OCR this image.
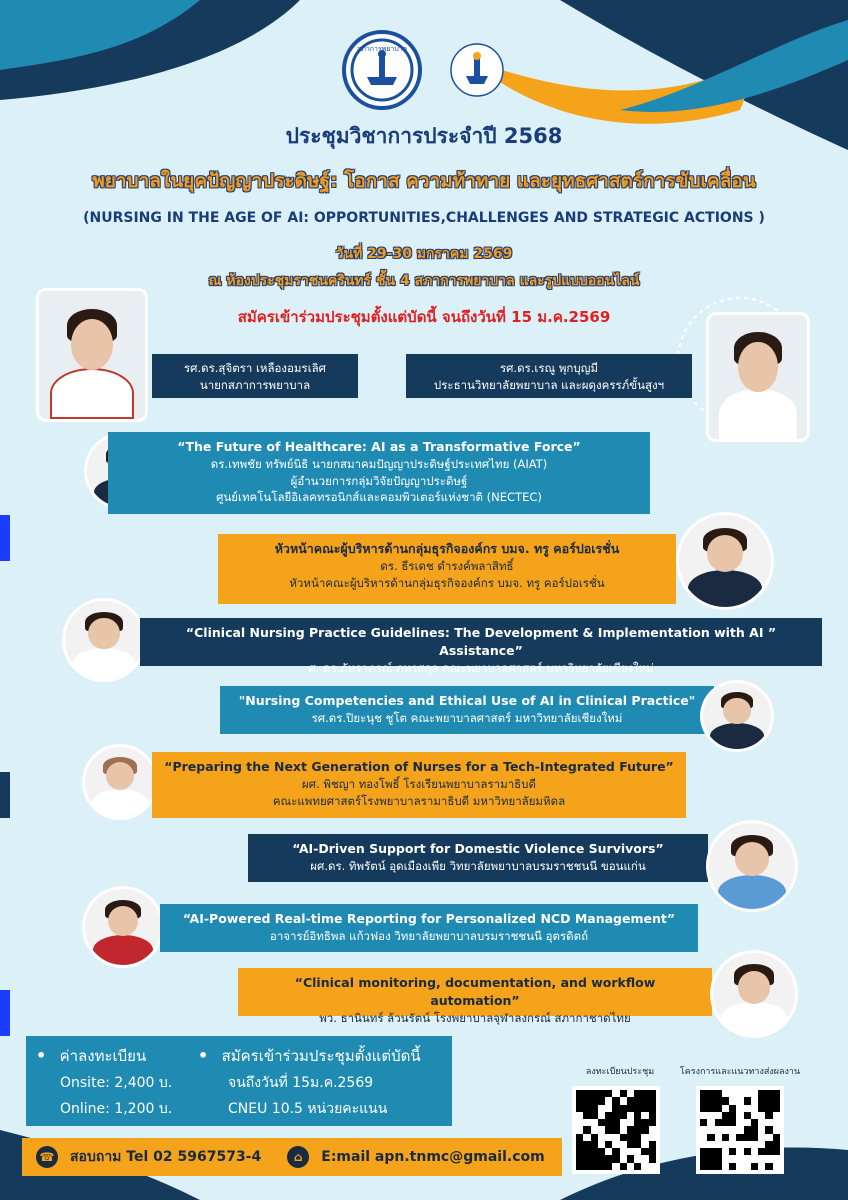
สภาการพยาบาล
ประชุมวิชาการประจำปี 2568
พยาบาลในยุคปัญญาประดิษฐ์: โอกาส ความท้าทาย และยุทธศาสตร์การขับเคลื่อน
(NURSING IN THE AGE OF AI: OPPORTUNITIES,CHALLENGES AND STRATEGIC ACTIONS )
วันที่ 29-30 มกราคม 2569
ณ ห้องประชุมราชนครินทร์ ชั้น 4 สภาการพยาบาล และรูปแบบออนไลน์
สมัครเข้าร่วมประชุมตั้งแต่บัดนี้ จนถึงวันที่ 15 ม.ค.2569
รศ.ดร.สุจิตรา เหลืองอมรเลิศ
นายกสภาการพยาบาล
รศ.ดร.เรณู พุกบุญมี
ประธานวิทยาลัยพยาบาล และผดุงครรภ์ขั้นสูงฯ
“The Future of Healthcare: AI as a Transformative Force”
ดร.เทพชัย ทรัพย์นิธิ นายกสมาคมปัญญาประดิษฐ์ประเทศไทย (AIAT)
ผู้อำนวยการกลุ่มวิจัยปัญญาประดิษฐ์
ศูนย์เทคโนโลยีอิเลคทรอนิกส์และคอมพิวเตอร์แห่งชาติ (NECTEC)
หัวหน้าคณะผู้บริหารด้านกลุ่มธุรกิจองค์กร บมจ. ทรู คอร์ปอเรชั่น
ดร. ธีรเดช ดำรงค์พลาสิทธิ์
หัวหน้าคณะผู้บริหารด้านกลุ่มธุรกิจองค์กร บมจ. ทรู คอร์ปอเรชั่น
“Clinical Nursing Practice Guidelines: The Development & Implementation with AI ” Assistance”
ศ. ดร.ภัทราภรณ์ ภทรสกุล คณะพยาบาลศาสตร์ มหาวิทยาลัยเชียงใหม่
"Nursing Competencies and Ethical Use of AI in Clinical Practice"
รศ.ดร.ปิยะนุช ชูโต คณะพยาบาลศาสตร์ มหาวิทยาลัยเชียงใหม่
“Preparing the Next Generation of Nurses for a Tech-Integrated Future”
ผศ. พิชญา ทองโพธิ์ โรงเรียนพยาบาลรามาธิบดี
คณะแพทยศาสตร์โรงพยาบาลรามาธิบดี มหาวิทยาลัยมหิดล
“AI-Driven Support for Domestic Violence Survivors”
ผศ.ดร. ทิพรัตน์ อุดเมืองเพีย วิทยาลัยพยาบาลบรมราชชนนี ขอนแก่น
“AI-Powered Real-time Reporting for Personalized NCD Management”
อาจารย์อิทธิพล แก้วฟอง วิทยาลัยพยาบาลบรมราชชนนี อุตรดิตถ์
“Clinical monitoring, documentation, and workflow automation”
พว. ธานินทร์ ล้วนรัตน์ โรงพยาบาลจุฬาลงกรณ์ สภากาชาดไทย
• ค่าลงทะเบียน
Onsite: 2,400 บ.
Online: 1,200 บ.
• สมัครเข้าร่วมประชุมตั้งแต่บัดนี้
จนถึงวันที่ 15ม.ค.2569
CNEU 10.5 หน่วยคะแนน
☎ สอบถาม Tel 02 5967573-4	⌂	E:mail apn.tnmc@gmail.com
ลงทะเบียนประชุม	โครงการและแนวทางส่งผลงาน
